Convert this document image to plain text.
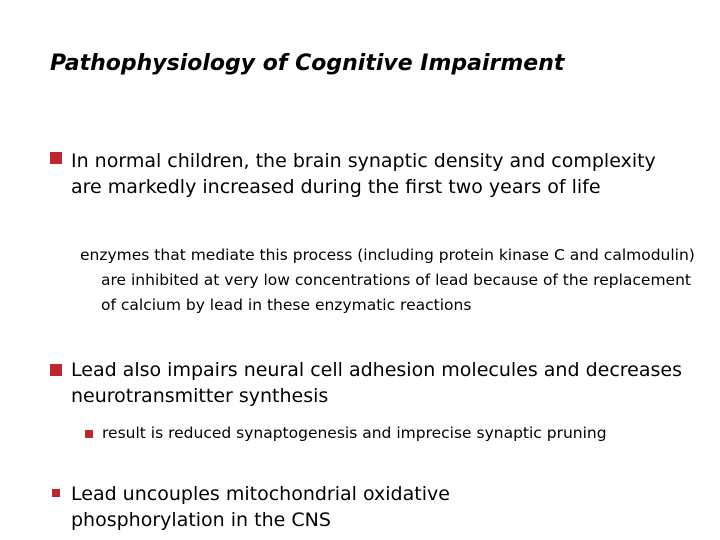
Pathophysiology of Cognitive Impairment
In normal children, the brain synaptic density and complexity are markedly increased during the first two years of life
enzymes that mediate this process (including protein kinase C and calmodulin) are inhibited at very low concentrations of lead because of the replacement of calcium by lead in these enzymatic reactions
Lead also impairs neural cell adhesion molecules and decreases neurotransmitter synthesis
result is reduced synaptogenesis and imprecise synaptic pruning
Lead uncouples mitochondrial oxidative phosphorylation in the CNS
